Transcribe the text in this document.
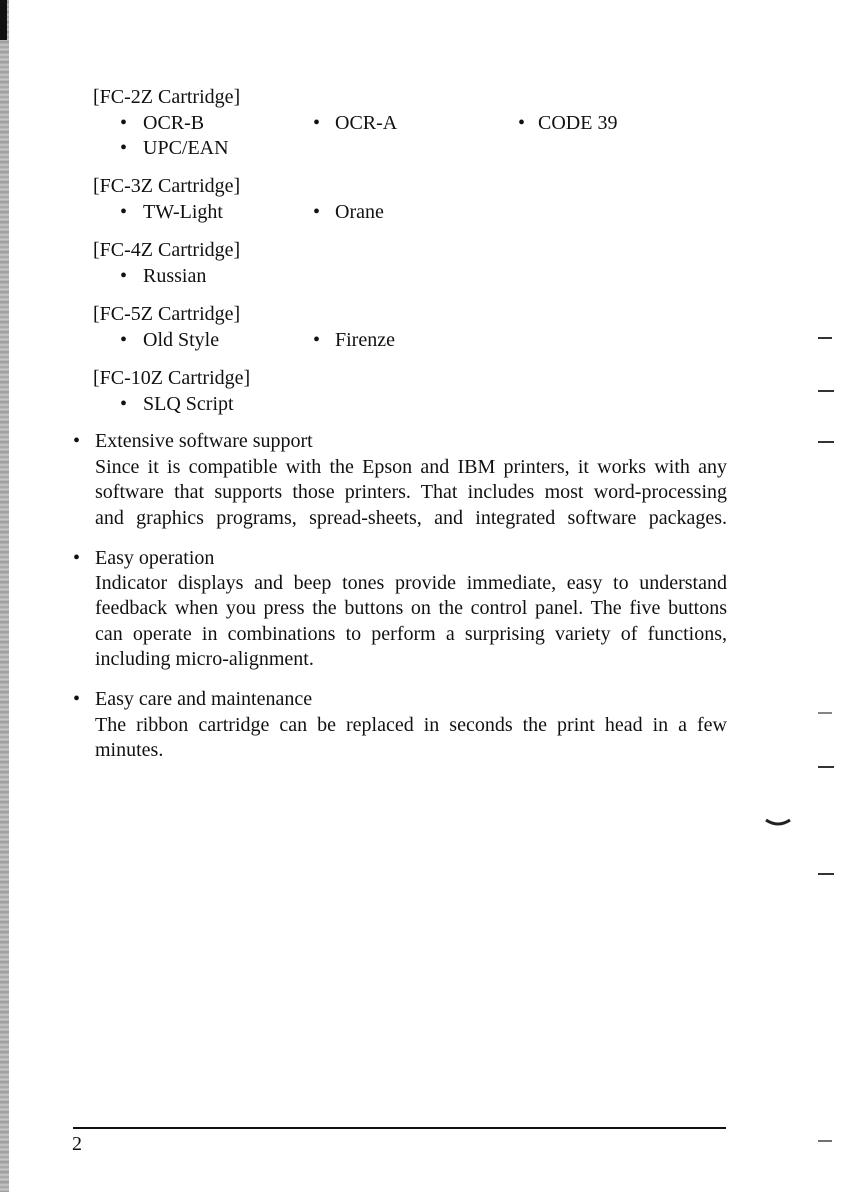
[FC-2Z Cartridge]
• OCR-B	• OCR-A	• CODE 39
• UPC/EAN
[FC-3Z Cartridge]
• TW-Light	• Orane
[FC-4Z Cartridge]
• Russian
[FC-5Z Cartridge]
• Old Style	• Firenze
[FC-10Z Cartridge]
• SLQ Script
• Extensive software support
Since it is compatible with the Epson and IBM printers, it works with any
software that supports those printers. That includes most word-processing
and graphics programs, spread-sheets, and integrated software packages.
• Easy operation
Indicator displays and beep tones provide immediate, easy to understand
feedback when you press the buttons on the control panel. The five buttons
can operate in combinations to perform a surprising variety of functions,
including micro-alignment.
• Easy care and maintenance
The ribbon cartridge can be replaced in seconds the print head in a few
minutes.
2
